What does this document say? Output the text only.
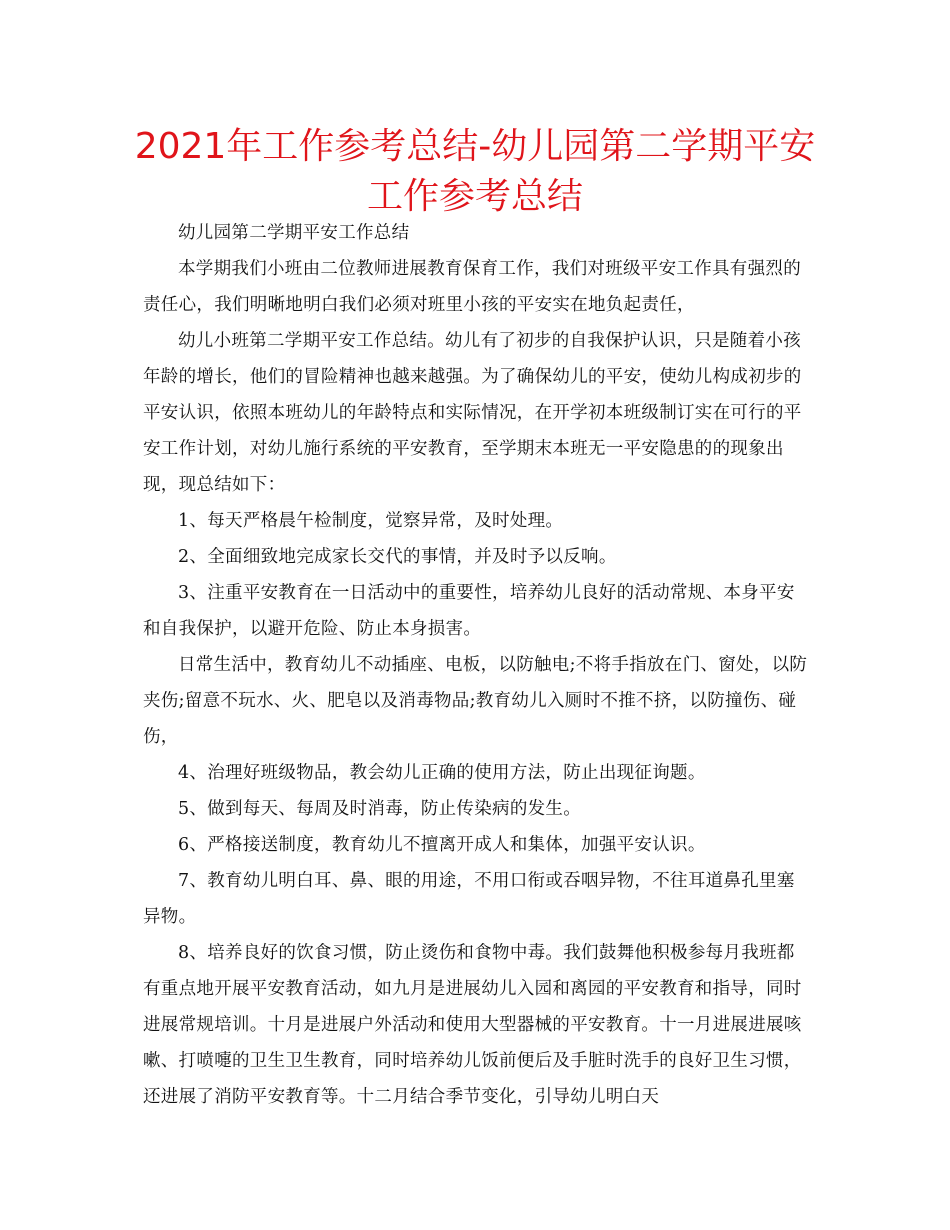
2021年工作参考总结-幼儿园第二学期平安工作参考总结

幼儿园第二学期平安工作总结

本学期我们小班由二位教师进展教育保育工作，我们对班级平安工作具有强烈的责任心，我们明晰地明白我们必须对班里小孩的平安实在地负起责任，

幼儿小班第二学期平安工作总结。幼儿有了初步的自我保护认识，只是随着小孩年龄的增长，他们的冒险精神也越来越强。为了确保幼儿的平安，使幼儿构成初步的平安认识，依照本班幼儿的年龄特点和实际情况，在开学初本班级制订实在可行的平安工作计划，对幼儿施行系统的平安教育，至学期末本班无一平安隐患的的现象出现，现总结如下：

1、每天严格晨午检制度，觉察异常，及时处理。

2、全面细致地完成家长交代的事情，并及时予以反响。

3、注重平安教育在一日活动中的重要性，培养幼儿良好的活动常规、本身平安和自我保护，以避开危险、防止本身损害。

日常生活中，教育幼儿不动插座、电板，以防触电;不将手指放在门、窗处，以防夹伤;留意不玩水、火、肥皂以及消毒物品;教育幼儿入厕时不推不挤，以防撞伤、碰伤，

4、治理好班级物品，教会幼儿正确的使用方法，防止出现征询题。

5、做到每天、每周及时消毒，防止传染病的发生。

6、严格接送制度，教育幼儿不擅离开成人和集体，加强平安认识。

7、教育幼儿明白耳、鼻、眼的用途，不用口衔或吞咽异物，不往耳道鼻孔里塞异物。

8、培养良好的饮食习惯，防止烫伤和食物中毒。我们鼓舞他积极参每月我班都有重点地开展平安教育活动，如九月是进展幼儿入园和离园的平安教育和指导，同时进展常规培训。十月是进展户外活动和使用大型器械的平安教育。十一月进展进展咳嗽、打喷嚏的卫生卫生教育，同时培养幼儿饭前便后及手脏时洗手的良好卫生习惯，还进展了消防平安教育等。十二月结合季节变化，引导幼儿明白天
